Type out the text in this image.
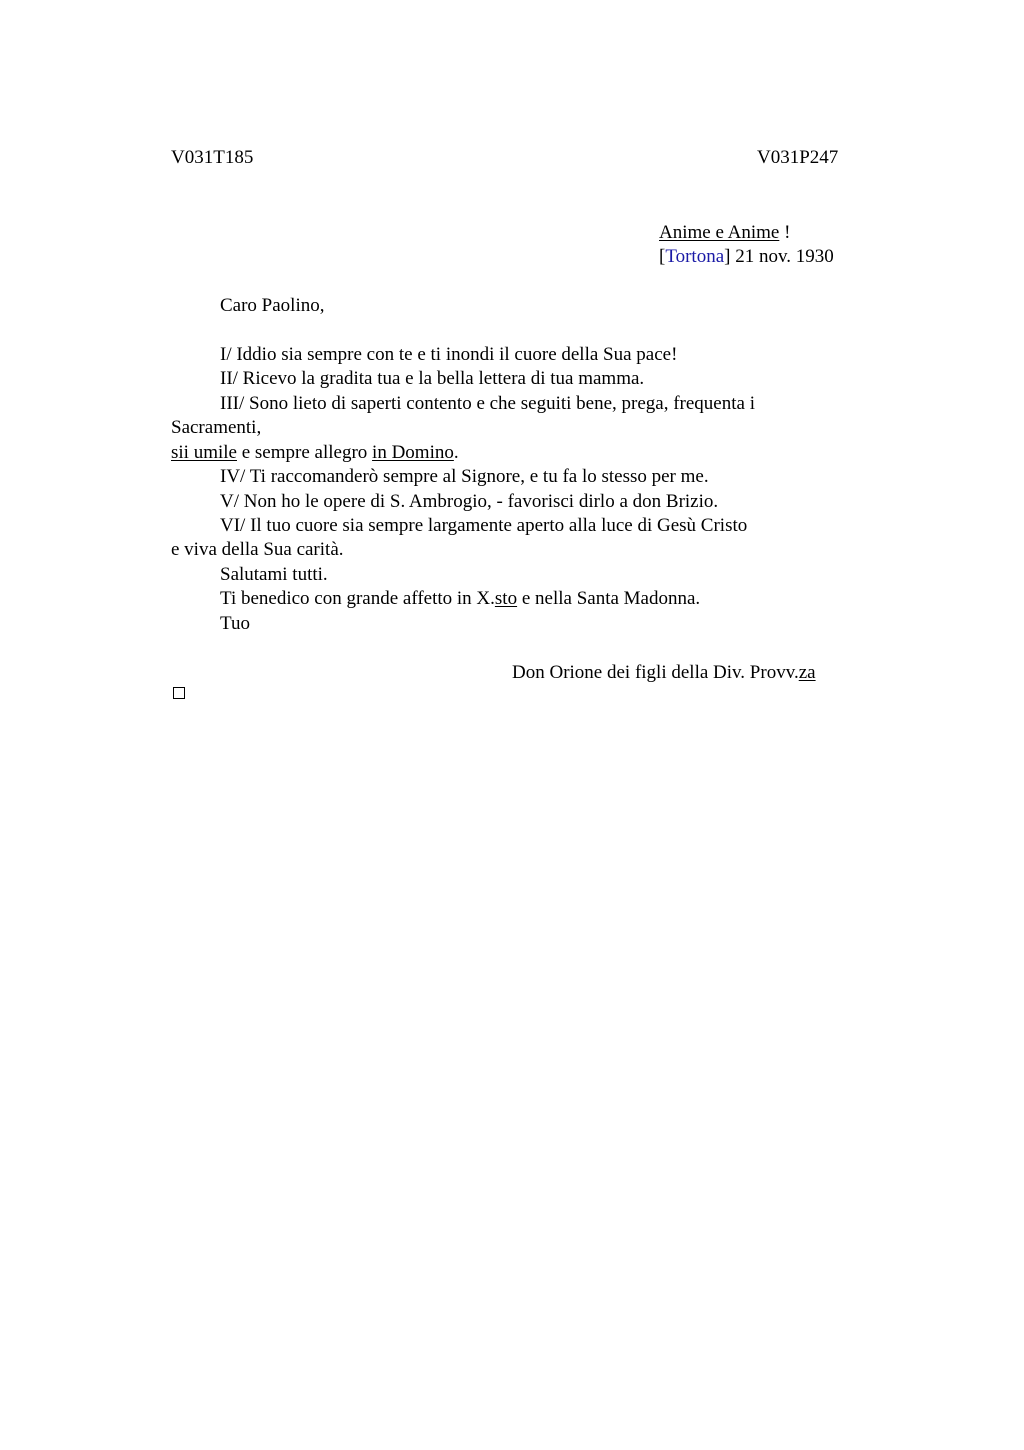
V031T185	V031P247
Anime e Anime !
[Tortona] 21 nov. 1930
Caro Paolino,
I/ Iddio sia sempre con te e ti inondi il cuore della Sua pace!
II/ Ricevo la gradita tua e la bella lettera di tua mamma.
III/ Sono lieto di saperti contento e che seguiti bene, prega, frequenta i
Sacramenti,
sii umile e sempre allegro in Domino.
IV/ Ti raccomanderò sempre al Signore, e tu fa lo stesso per me.
V/ Non ho le opere di S. Ambrogio, - favorisci dirlo a don Brizio.
VI/ Il tuo cuore sia sempre largamente aperto alla luce di Gesù Cristo
e viva della Sua carità.
Salutami tutti.
Ti benedico con grande affetto in X.sto e nella Santa Madonna.
Tuo
Don Orione dei figli della Div. Provv.za
